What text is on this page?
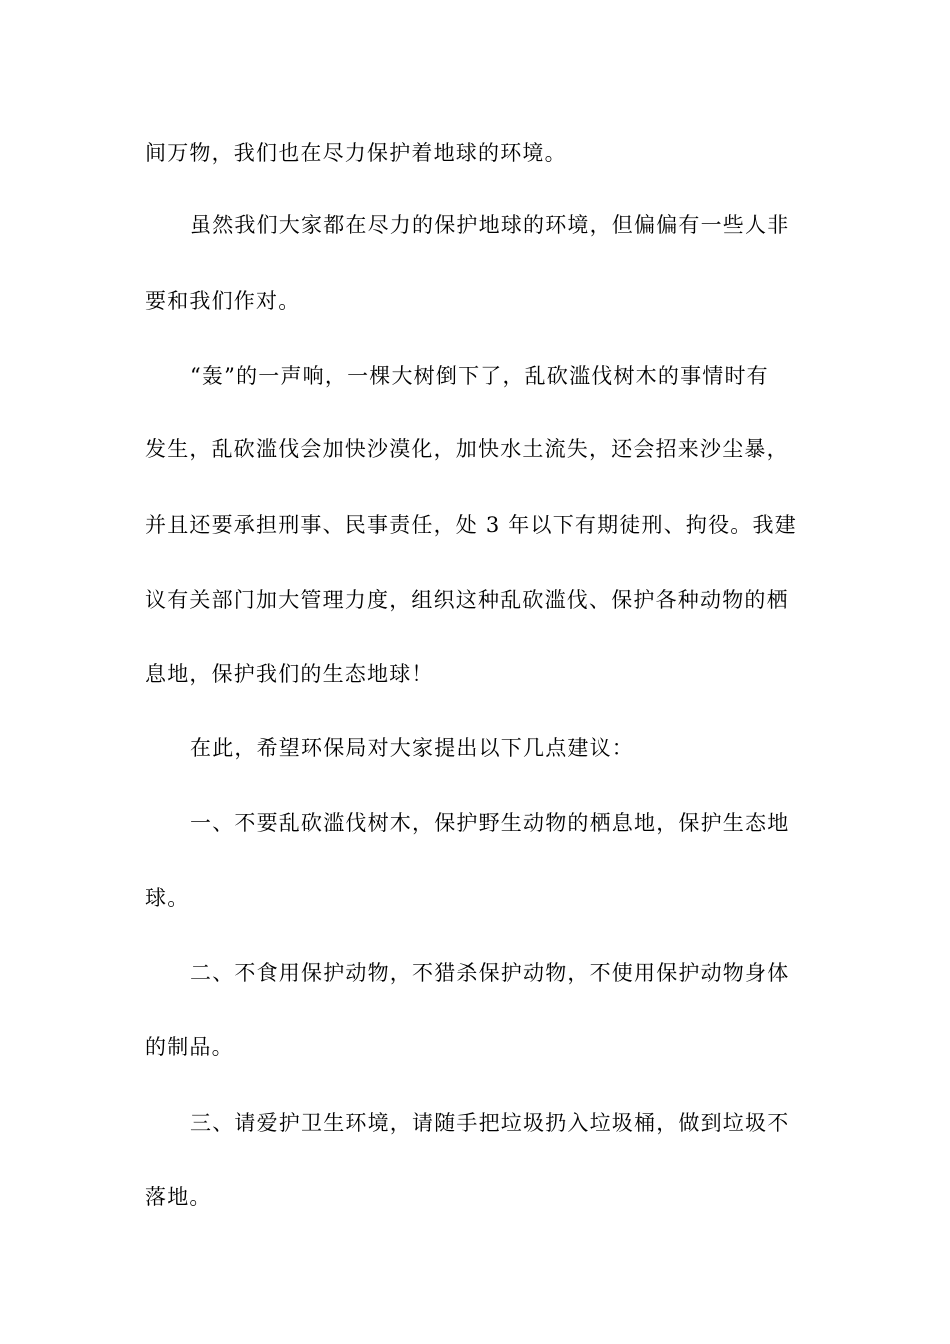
间万物，我们也在尽力保护着地球的环境。
虽然我们大家都在尽力的保护地球的环境，但偏偏有一些人非
要和我们作对。
“轰”的一声响，一棵大树倒下了，乱砍滥伐树木的事情时有
发生，乱砍滥伐会加快沙漠化，加快水土流失，还会招来沙尘暴，
并且还要承担刑事、民事责任，处 3 年以下有期徒刑、拘役。我建
议有关部门加大管理力度，组织这种乱砍滥伐、保护各种动物的栖
息地，保护我们的生态地球！
在此，希望环保局对大家提出以下几点建议：
一、不要乱砍滥伐树木，保护野生动物的栖息地，保护生态地
球。
二、不食用保护动物，不猎杀保护动物，不使用保护动物身体
的制品。
三、请爱护卫生环境，请随手把垃圾扔入垃圾桶，做到垃圾不
落地。
